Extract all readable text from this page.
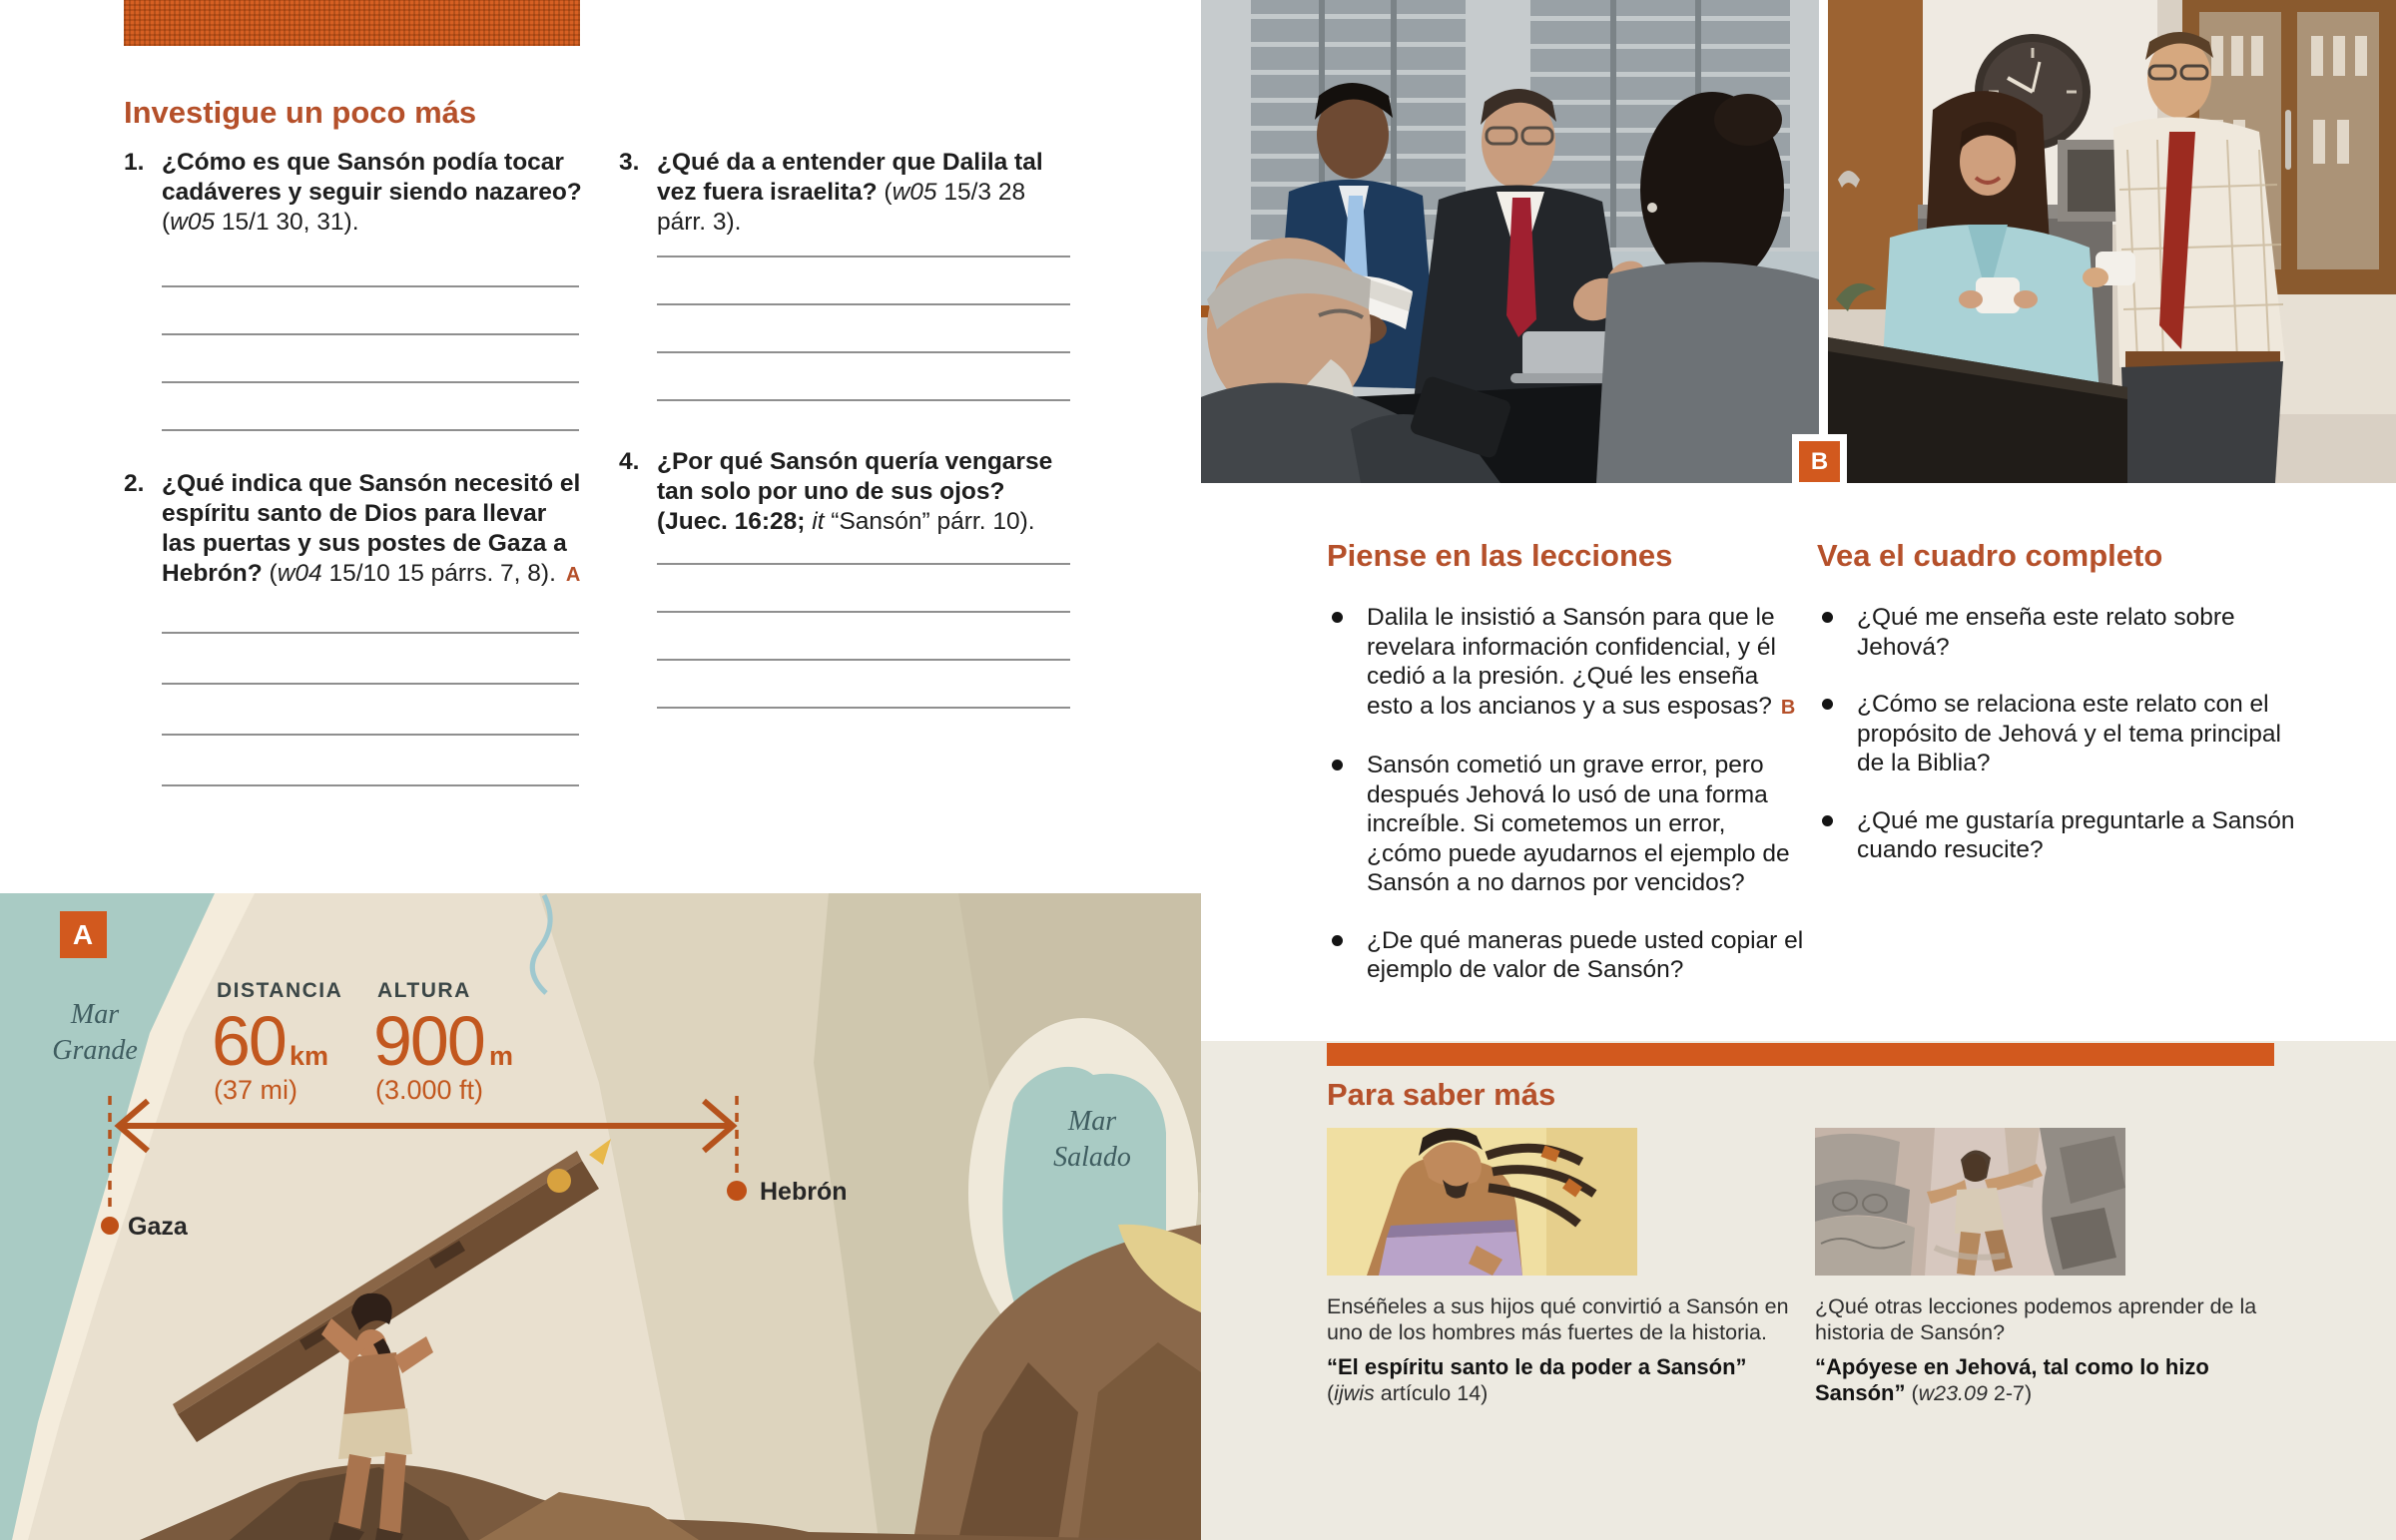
Investigue un poco más
1. ¿Cómo es que Sansón podía tocar cadáveres y seguir siendo nazareo? (w05 15/1 30, 31).
2. ¿Qué indica que Sansón necesitó el espíritu santo de Dios para llevar las puertas y sus postes de Gaza a Hebrón? (w04 15/10 15 párrs. 7, 8). A
3. ¿Qué da a entender que Dalila tal vez fuera israelita? (w05 15/3 28 párr. 3).
4. ¿Por qué Sansón quería vengarse tan solo por uno de sus ojos? (Juec. 16:28; it “Sansón” párr. 10).
A
Mar
Grande
Mar
Salado
DISTANCIA
60 km
(37 mi)
ALTURA
900 m
(3.000 ft)
Gaza
Hebrón
B
Piense en las lecciones
Dalila le insistió a Sansón para que le revelara información confidencial, y él cedió a la presión. ¿Qué les enseña esto a los ancianos y a sus esposas? B
Sansón cometió un grave error, pero después Jehová lo usó de una forma increíble. Si cometemos un error, ¿cómo puede ayudarnos el ejemplo de Sansón a no darnos por vencidos?
¿De qué maneras puede usted copiar el ejemplo de valor de Sansón?
Vea el cuadro completo
¿Qué me enseña este relato sobre Jehová?
¿Cómo se relaciona este relato con el propósito de Jehová y el tema principal de la Biblia?
¿Qué me gustaría preguntarle a Sansón cuando resucite?
Para saber más

Enséñeles a sus hijos qué convirtió a Sansón en uno de los hombres más fuertes de la historia.

“El espíritu santo le da poder a Sansón” (ijwis artículo 14)

¿Qué otras lecciones podemos aprender de la historia de Sansón?

“Apóyese en Jehová, tal como lo hizo Sansón” (w23.09 2-7)
